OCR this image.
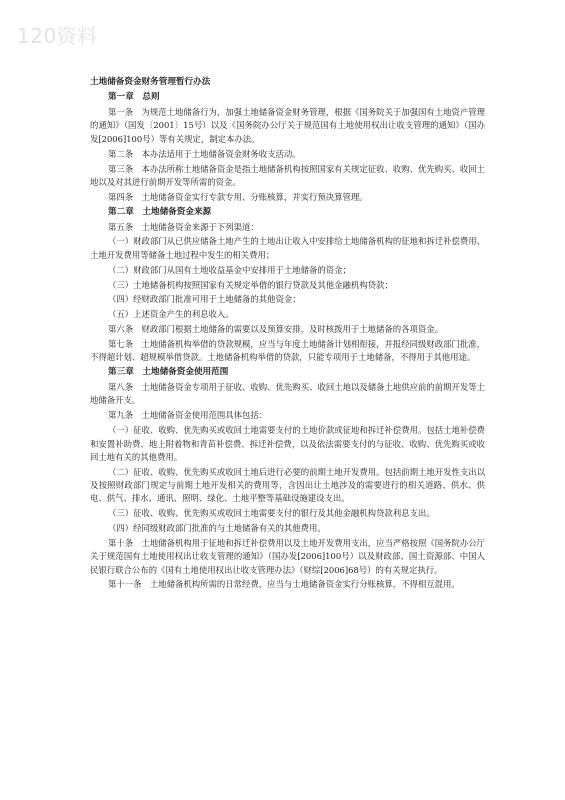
120资料

土地储备资金财务管理暂行办法

第一章　总则

第一条　为规范土地储备行为，加强土地储备资金财务管理，根据《国务院关于加强国有土地资产管理的通知》（国发〔2001〕15号）以及《国务院办公厅关于规范国有土地使用权出让收支管理的通知》（国办发[2006]100号）等有关规定，制定本办法。

第二条　本办法适用于土地储备资金财务收支活动。

第三条　本办法所称土地储备资金是指土地储备机构按照国家有关规定征收、收购、优先购买、收回土地以及对其进行前期开发等所需的资金。

第四条　土地储备资金实行专款专用、分账核算，并实行预决算管理。

第二章　土地储备资金来源

第五条　土地储备资金来源于下列渠道：

（一）财政部门从已供应储备土地产生的土地出让收入中安排给土地储备机构的征地和拆迁补偿费用、土地开发费用等储备土地过程中发生的相关费用；

（二）财政部门从国有土地收益基金中安排用于土地储备的资金；

（三）土地储备机构按照国家有关规定举借的银行贷款及其他金融机构贷款；

（四）经财政部门批准可用于土地储备的其他资金；

（五）上述资金产生的利息收入。

第六条　财政部门根据土地储备的需要以及预算安排，及时核拨用于土地储备的各项资金。

第七条　土地储备机构举借的贷款规模，应当与年度土地储备计划相衔接，并报经同级财政部门批准，不得超计划、超规模举借贷款。土地储备机构举借的贷款，只能专项用于土地储备，不得用于其他用途。

第三章　土地储备资金使用范围

第八条　土地储备资金专项用于征收、收购、优先购买、收回土地以及储备土地供应前的前期开发等土地储备开支。

第九条　土地储备资金使用范围具体包括：

（一）征收、收购、优先购买或收回土地需要支付的土地价款或征地和拆迁补偿费用。包括土地补偿费和安置补助费、地上附着物和青苗补偿费、拆迁补偿费，以及依法需要支付的与征收、收购、优先购买或收回土地有关的其他费用。

（二）征收、收购、优先购买或收回土地后进行必要的前期土地开发费用。包括前期土地开发性支出以及按照财政部门规定与前期土地开发相关的费用等，含因出让土地涉及的需要进行的相关道路、供水、供电、供气、排水、通讯、照明、绿化、土地平整等基础设施建设支出。

（三）征收、收购、优先购买或收回土地需要支付的银行及其他金融机构贷款利息支出。

（四）经同级财政部门批准的与土地储备有关的其他费用。

第十条　土地储备机构用于征地和拆迁补偿费用以及土地开发费用支出，应当严格按照《国务院办公厅关于规范国有土地使用权出让收支管理的通知》（国办发[2006]100号）以及财政部、国土资源部、中国人民银行联合公布的《国有土地使用权出让收支管理办法》（财综[2006]68号）的有关规定执行。

第十一条　土地储备机构所需的日常经费，应当与土地储备资金实行分账核算，不得相互混用。
